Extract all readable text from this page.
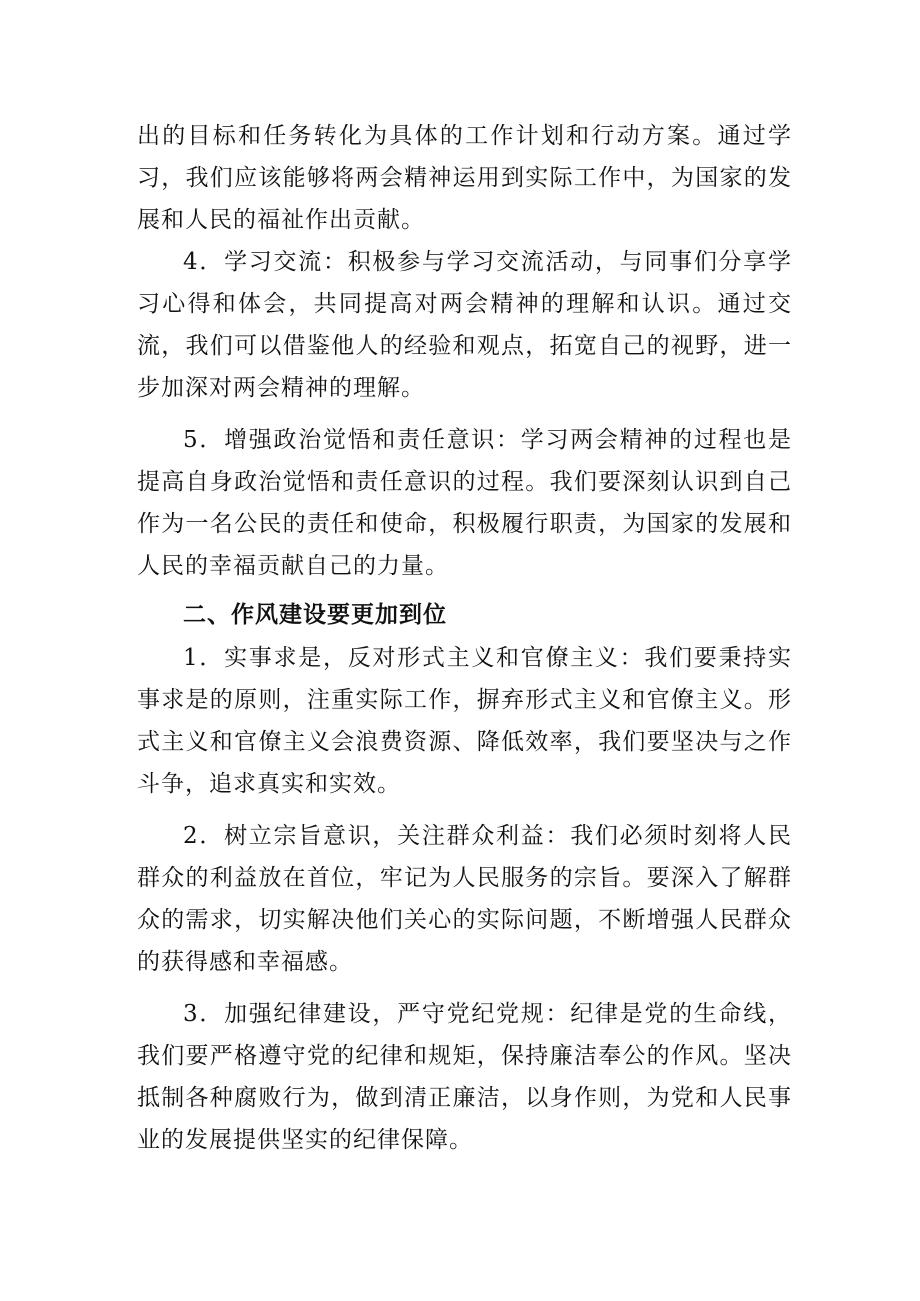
出的目标和任务转化为具体的工作计划和行动方案。通过学习，我们应该能够将两会精神运用到实际工作中，为国家的发展和人民的福祉作出贡献。

4．学习交流：积极参与学习交流活动，与同事们分享学习心得和体会，共同提高对两会精神的理解和认识。通过交流，我们可以借鉴他人的经验和观点，拓宽自己的视野，进一步加深对两会精神的理解。

5．增强政治觉悟和责任意识：学习两会精神的过程也是提高自身政治觉悟和责任意识的过程。我们要深刻认识到自己作为一名公民的责任和使命，积极履行职责，为国家的发展和人民的幸福贡献自己的力量。

二、作风建设要更加到位

1．实事求是，反对形式主义和官僚主义：我们要秉持实事求是的原则，注重实际工作，摒弃形式主义和官僚主义。形式主义和官僚主义会浪费资源、降低效率，我们要坚决与之作斗争，追求真实和实效。

2．树立宗旨意识，关注群众利益：我们必须时刻将人民群众的利益放在首位，牢记为人民服务的宗旨。要深入了解群众的需求，切实解决他们关心的实际问题，不断增强人民群众的获得感和幸福感。

3．加强纪律建设，严守党纪党规：纪律是党的生命线，我们要严格遵守党的纪律和规矩，保持廉洁奉公的作风。坚决抵制各种腐败行为，做到清正廉洁，以身作则，为党和人民事业的发展提供坚实的纪律保障。
